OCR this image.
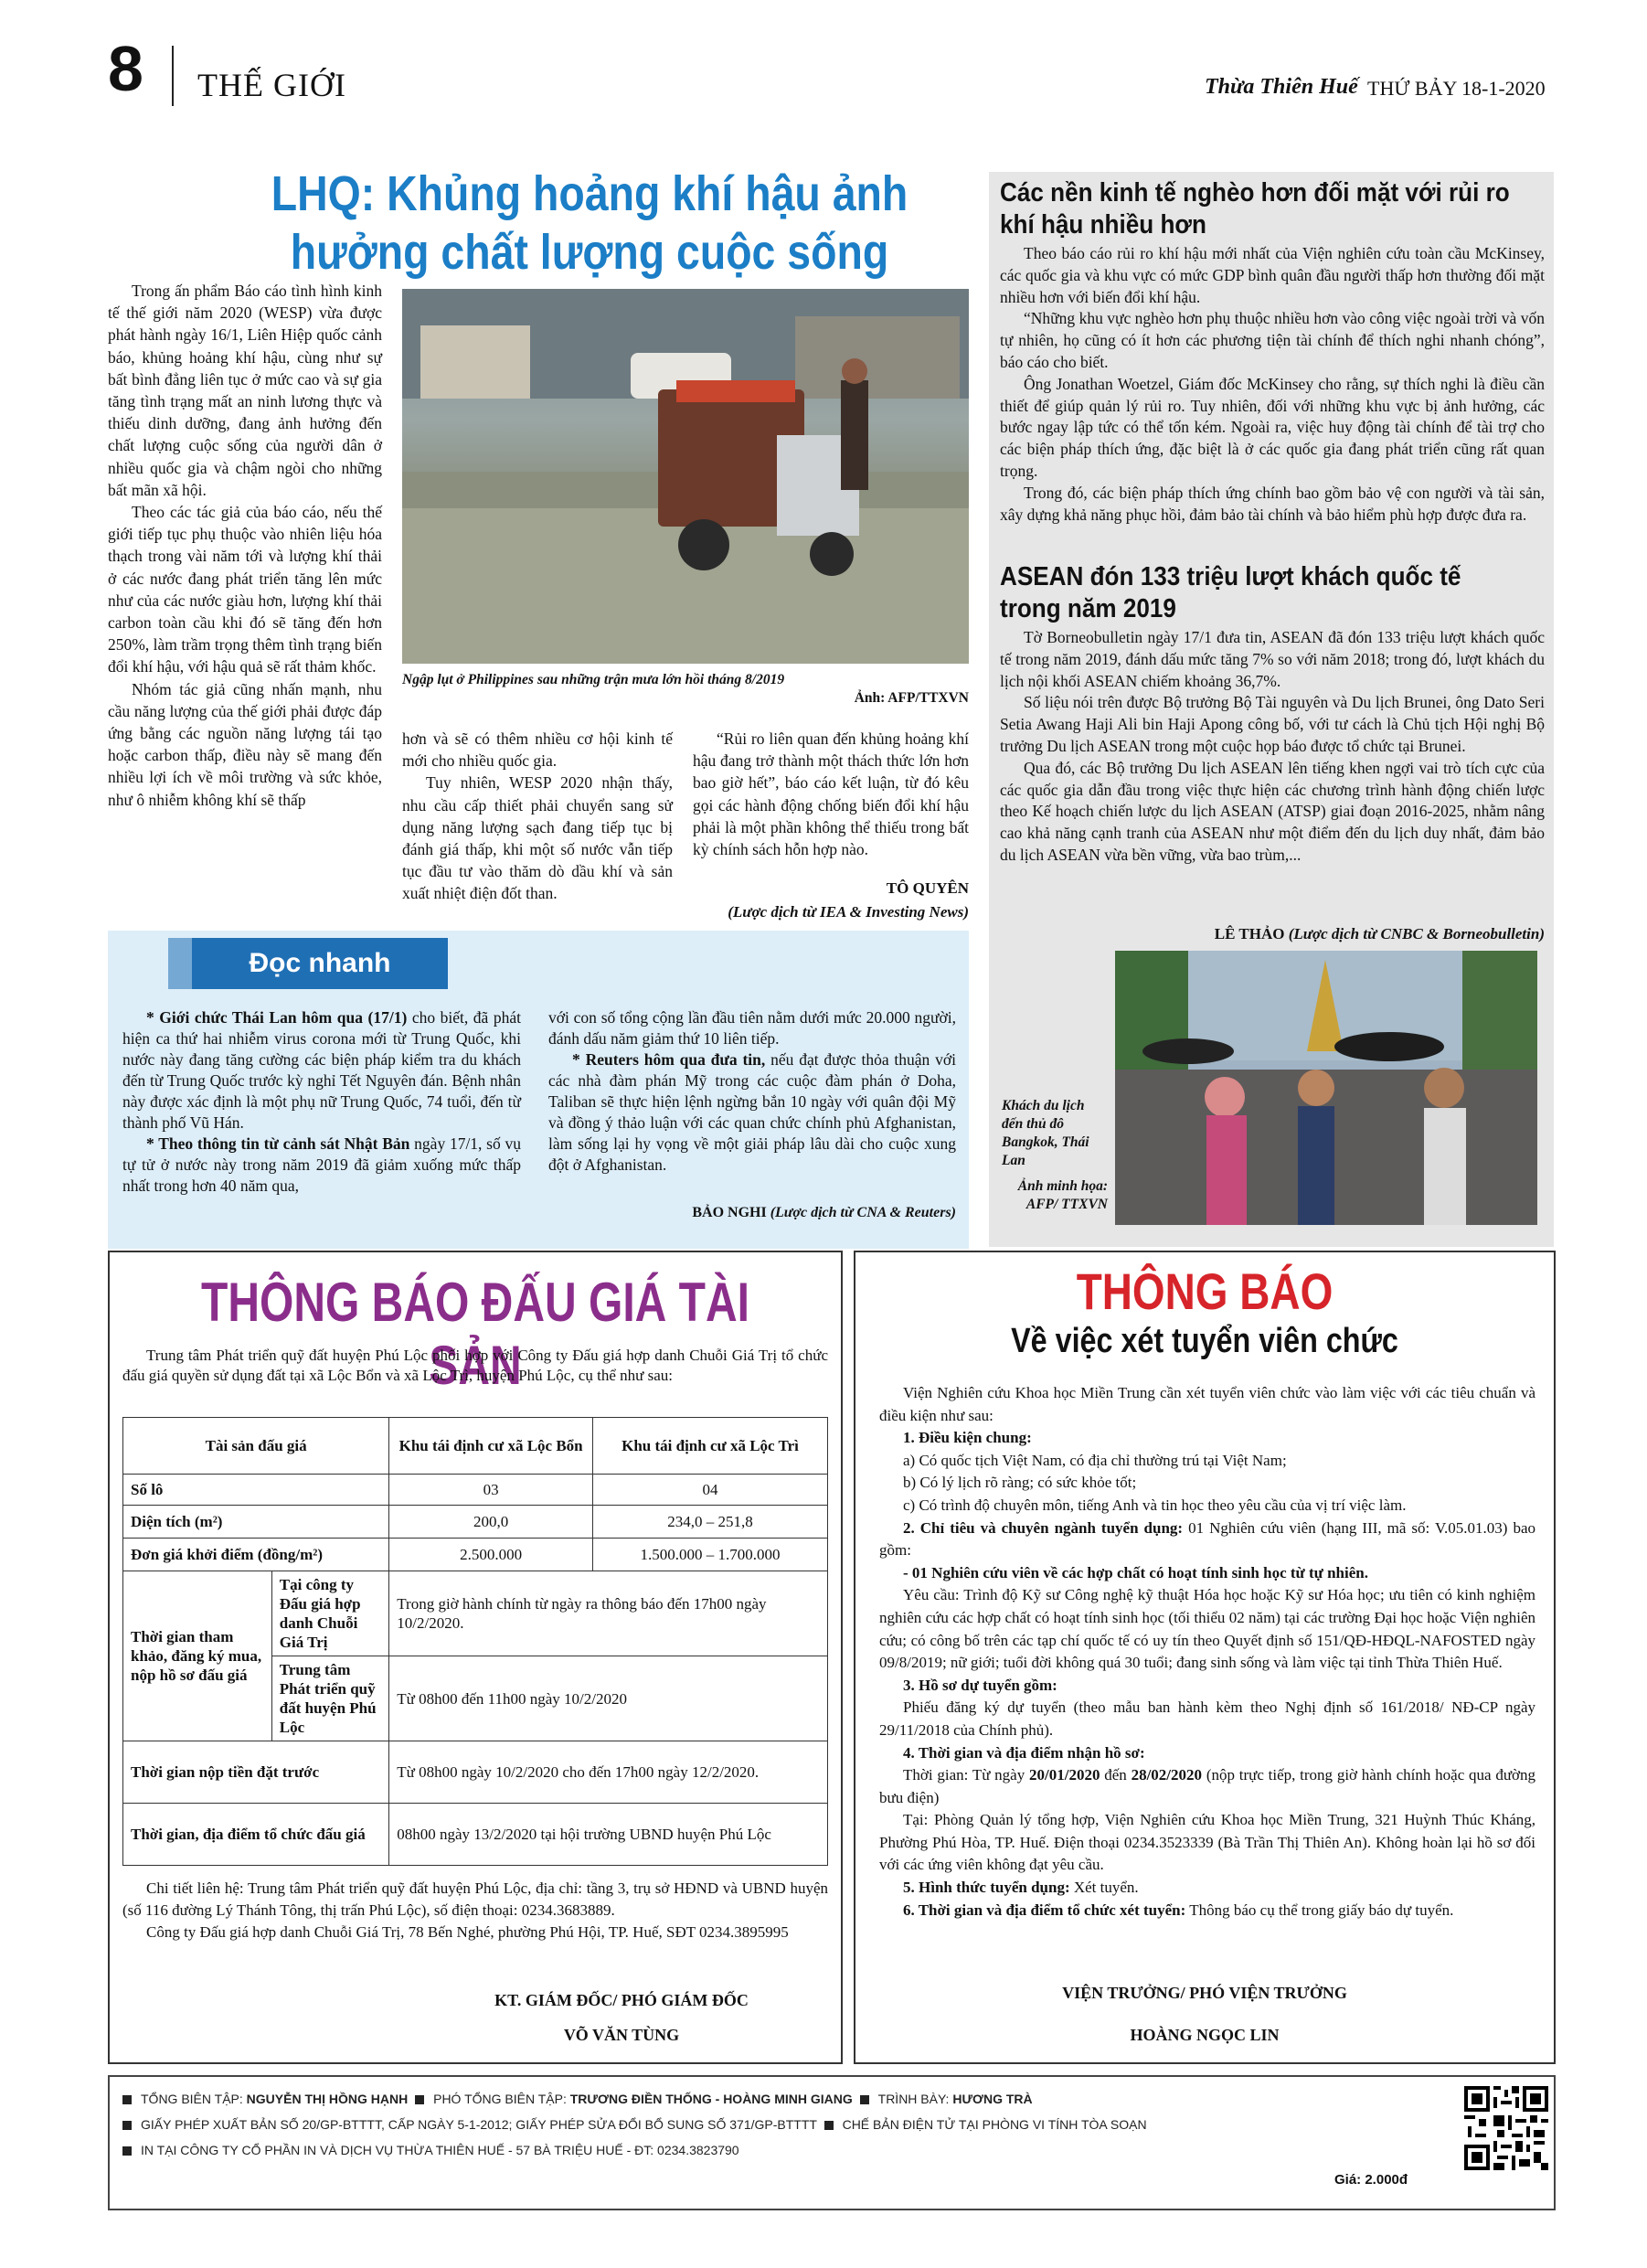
8 THẾ GIỚI	Thừa Thiên Huế THỨ BẢY 18-1-2020
LHQ: Khủng hoảng khí hậu ảnh hưởng chất lượng cuộc sống

Trong ấn phẩm Báo cáo tình hình kinh tế thế giới năm 2020 (WESP) vừa được phát hành ngày 16/1, Liên Hiệp quốc cảnh báo, khủng hoảng khí hậu, cùng như sự bất bình đẳng liên tục ở mức cao và sự gia tăng tình trạng mất an ninh lương thực và thiếu dinh dưỡng, đang ảnh hưởng đến chất lượng cuộc sống của người dân ở nhiều quốc gia và chậm ngòi cho những bất mãn xã hội.

Theo các tác giả của báo cáo, nếu thế giới tiếp tục phụ thuộc vào nhiên liệu hóa thạch trong vài năm tới và lượng khí thải ở các nước đang phát triển tăng lên mức như của các nước giàu hơn, lượng khí thải carbon toàn cầu khi đó sẽ tăng đến hơn 250%, làm trầm trọng thêm tình trạng biến đổi khí hậu, với hậu quả sẽ rất thảm khốc.

Nhóm tác giả cũng nhấn mạnh, nhu cầu năng lượng của thế giới phải được đáp ứng bằng các nguồn năng lượng tái tạo hoặc carbon thấp, điều này sẽ mang đến nhiều lợi ích về môi trường và sức khỏe, như ô nhiễm không khí sẽ thấp

Ngập lụt ở Philippines sau những trận mưa lớn hồi tháng 8/2019
Ảnh: AFP/TTXVN

hơn và sẽ có thêm nhiều cơ hội kinh tế mới cho nhiều quốc gia.

Tuy nhiên, WESP 2020 nhận thấy, nhu cầu cấp thiết phải chuyển sang sử dụng năng lượng sạch đang tiếp tục bị đánh giá thấp, khi một số nước vẫn tiếp tục đầu tư vào thăm dò dầu khí và sản xuất nhiệt điện đốt than.

“Rủi ro liên quan đến khủng hoảng khí hậu đang trở thành một thách thức lớn hơn bao giờ hết”, báo cáo kết luận, từ đó kêu gọi các hành động chống biến đổi khí hậu phải là một phần không thể thiếu trong bất kỳ chính sách hỗn hợp nào.

TÔ QUYÊN
(Lược dịch từ IEA & Investing News)
Các nền kinh tế nghèo hơn đối mặt với rủi ro khí hậu nhiều hơn

Theo báo cáo rủi ro khí hậu mới nhất của Viện nghiên cứu toàn cầu McKinsey, các quốc gia và khu vực có mức GDP bình quân đầu người thấp hơn thường đối mặt nhiều hơn với biến đổi khí hậu.

“Những khu vực nghèo hơn phụ thuộc nhiều hơn vào công việc ngoài trời và vốn tự nhiên, họ cũng có ít hơn các phương tiện tài chính để thích nghi nhanh chóng”, báo cáo cho biết.

Ông Jonathan Woetzel, Giám đốc McKinsey cho rằng, sự thích nghi là điều cần thiết để giúp quản lý rủi ro. Tuy nhiên, đối với những khu vực bị ảnh hưởng, các bước ngay lập tức có thể tốn kém. Ngoài ra, việc huy động tài chính để tài trợ cho các biện pháp thích ứng, đặc biệt là ở các quốc gia đang phát triển cũng rất quan trọng.

Trong đó, các biện pháp thích ứng chính bao gồm bảo vệ con người và tài sản, xây dựng khả năng phục hồi, đảm bảo tài chính và bảo hiểm phù hợp được đưa ra.

ASEAN đón 133 triệu lượt khách quốc tế trong năm 2019

Tờ Borneobulletin ngày 17/1 đưa tin, ASEAN đã đón 133 triệu lượt khách quốc tế trong năm 2019, đánh dấu mức tăng 7% so với năm 2018; trong đó, lượt khách du lịch nội khối ASEAN chiếm khoảng 36,7%.

Số liệu nói trên được Bộ trưởng Bộ Tài nguyên và Du lịch Brunei, ông Dato Seri Setia Awang Haji Ali bin Haji Apong công bố, với tư cách là Chủ tịch Hội nghị Bộ trưởng Du lịch ASEAN trong một cuộc họp báo được tổ chức tại Brunei.

Qua đó, các Bộ trưởng Du lịch ASEAN lên tiếng khen ngợi vai trò tích cực của các quốc gia dẫn đầu trong việc thực hiện các chương trình hành động chiến lược theo Kế hoạch chiến lược du lịch ASEAN (ATSP) giai đoạn 2016-2025, nhằm nâng cao khả năng cạnh tranh của ASEAN như một điểm đến du lịch duy nhất, đảm bảo du lịch ASEAN vừa bền vững, vừa bao trùm,...

LÊ THẢO (Lược dịch từ CNBC & Borneobulletin)
Khách du lịch đến thủ đô Bangkok, Thái Lan
Ảnh minh họa: AFP/ TTXVN
Đọc nhanh

* Giới chức Thái Lan hôm qua (17/1) cho biết, đã phát hiện ca thứ hai nhiễm virus corona mới từ Trung Quốc, khi nước này đang tăng cường các biện pháp kiểm tra du khách đến từ Trung Quốc trước kỳ nghỉ Tết Nguyên đán. Bệnh nhân này được xác định là một phụ nữ Trung Quốc, 74 tuổi, đến từ thành phố Vũ Hán.

* Theo thông tin từ cảnh sát Nhật Bản ngày 17/1, số vụ tự tử ở nước này trong năm 2019 đã giảm xuống mức thấp nhất trong hơn 40 năm qua,

với con số tổng cộng lần đầu tiên nằm dưới mức 20.000 người, đánh dấu năm giảm thứ 10 liên tiếp.

* Reuters hôm qua đưa tin, nếu đạt được thỏa thuận với các nhà đàm phán Mỹ trong các cuộc đàm phán ở Doha, Taliban sẽ thực hiện lệnh ngừng bắn 10 ngày với quân đội Mỹ và đồng ý thảo luận với các quan chức chính phủ Afghanistan, làm sống lại hy vọng về một giải pháp lâu dài cho cuộc xung đột ở Afghanistan.

BẢO NGHI (Lược dịch từ CNA & Reuters)
THÔNG BÁO ĐẤU GIÁ TÀI SẢN

Trung tâm Phát triển quỹ đất huyện Phú Lộc phối hợp với Công ty Đấu giá hợp danh Chuỗi Giá Trị tổ chức đấu giá quyền sử dụng đất tại xã Lộc Bổn và xã Lộc Trì, huyện Phú Lộc, cụ thể như sau:

Tài sản đấu giá		Khu tái định cư xã Lộc Bổn	Khu tái định cư xã Lộc Trì
Số lô		03	04
Diện tích (m²)		200,0	234,0 – 251,8
Đơn giá khởi điểm (đồng/m²)		2.500.000	1.500.000 – 1.700.000
Thời gian tham khảo, đăng ký mua, nộp hồ sơ đấu giá	Tại công ty Đấu giá hợp danh Chuỗi Giá Trị	Trong giờ hành chính từ ngày ra thông báo đến 17h00 ngày 10/2/2020.	
	Trung tâm Phát triển quỹ đất huyện Phú Lộc	Từ 08h00 đến 11h00 ngày 10/2/2020	
Thời gian nộp tiền đặt trước		Từ 08h00 ngày 10/2/2020 cho đến 17h00 ngày 12/2/2020.	
Thời gian, địa điểm tổ chức đấu giá		08h00 ngày 13/2/2020 tại hội trường UBND huyện Phú Lộc	

Chi tiết liên hệ: Trung tâm Phát triển quỹ đất huyện Phú Lộc, địa chỉ: tầng 3, trụ sở HĐND và UBND huyện (số 116 đường Lý Thánh Tông, thị trấn Phú Lộc), số điện thoại: 0234.3683889.

Công ty Đấu giá hợp danh Chuỗi Giá Trị, 78 Bến Nghé, phường Phú Hội, TP. Huế, SĐT 0234.3895995

KT. GIÁM ĐỐC/ PHÓ GIÁM ĐỐC
VÕ VĂN TÙNG
THÔNG BÁO
Về việc xét tuyển viên chức

Viện Nghiên cứu Khoa học Miền Trung cần xét tuyển viên chức vào làm việc với các tiêu chuẩn và điều kiện như sau:

1. Điều kiện chung:

a) Có quốc tịch Việt Nam, có địa chỉ thường trú tại Việt Nam;

b) Có lý lịch rõ ràng; có sức khỏe tốt;

c) Có trình độ chuyên môn, tiếng Anh và tin học theo yêu cầu của vị trí việc làm.

2. Chỉ tiêu và chuyên ngành tuyển dụng: 01 Nghiên cứu viên (hạng III, mã số: V.05.01.03) bao gồm:

- 01 Nghiên cứu viên về các hợp chất có hoạt tính sinh học từ tự nhiên.

Yêu cầu: Trình độ Kỹ sư Công nghệ kỹ thuật Hóa học hoặc Kỹ sư Hóa học; ưu tiên có kinh nghiệm nghiên cứu các hợp chất có hoạt tính sinh học (tối thiểu 02 năm) tại các trường Đại học hoặc Viện nghiên cứu; có công bố trên các tạp chí quốc tế có uy tín theo Quyết định số 151/QĐ-HĐQL-NAFOSTED ngày 09/8/2019; nữ giới; tuổi đời không quá 30 tuổi; đang sinh sống và làm việc tại tỉnh Thừa Thiên Huế.

3. Hồ sơ dự tuyển gồm:

Phiếu đăng ký dự tuyển (theo mẫu ban hành kèm theo Nghị định số 161/2018/ NĐ-CP ngày 29/11/2018 của Chính phủ).

4. Thời gian và địa điểm nhận hồ sơ:

Thời gian: Từ ngày 20/01/2020 đến 28/02/2020 (nộp trực tiếp, trong giờ hành chính hoặc qua đường bưu điện)

Tại: Phòng Quản lý tổng hợp, Viện Nghiên cứu Khoa học Miền Trung, 321 Huỳnh Thúc Kháng, Phường Phú Hòa, TP. Huế. Điện thoại 0234.3523339 (Bà Trần Thị Thiên An). Không hoàn lại hồ sơ đối với các ứng viên không đạt yêu cầu.

5. Hình thức tuyển dụng: Xét tuyển.

6. Thời gian và địa điểm tổ chức xét tuyển: Thông báo cụ thể trong giấy báo dự tuyển.

VIỆN TRƯỞNG/ PHÓ VIỆN TRƯỞNG
HOÀNG NGỌC LIN
TỔNG BIÊN TẬP: NGUYỄN THỊ HỒNG HẠNH PHÓ TỔNG BIÊN TẬP: TRƯƠNG ĐIỀN THỐNG - HOÀNG MINH GIANG TRÌNH BÀY: HƯƠNG TRÀ
GIẤY PHÉP XUẤT BẢN SỐ 20/GP-BTTTT, CẤP NGÀY 5-1-2012; GIẤY PHÉP SỬA ĐỔI BỔ SUNG SỐ 371/GP-BTTTT CHẾ BẢN ĐIỆN TỬ TẠI PHÒNG VI TÍNH TÒA SOẠN
IN TẠI CÔNG TY CỔ PHẦN IN VÀ DỊCH VỤ THỪA THIÊN HUẾ - 57 BÀ TRIỆU HUẾ - ĐT: 0234.3823790
Giá: 2.000đ
